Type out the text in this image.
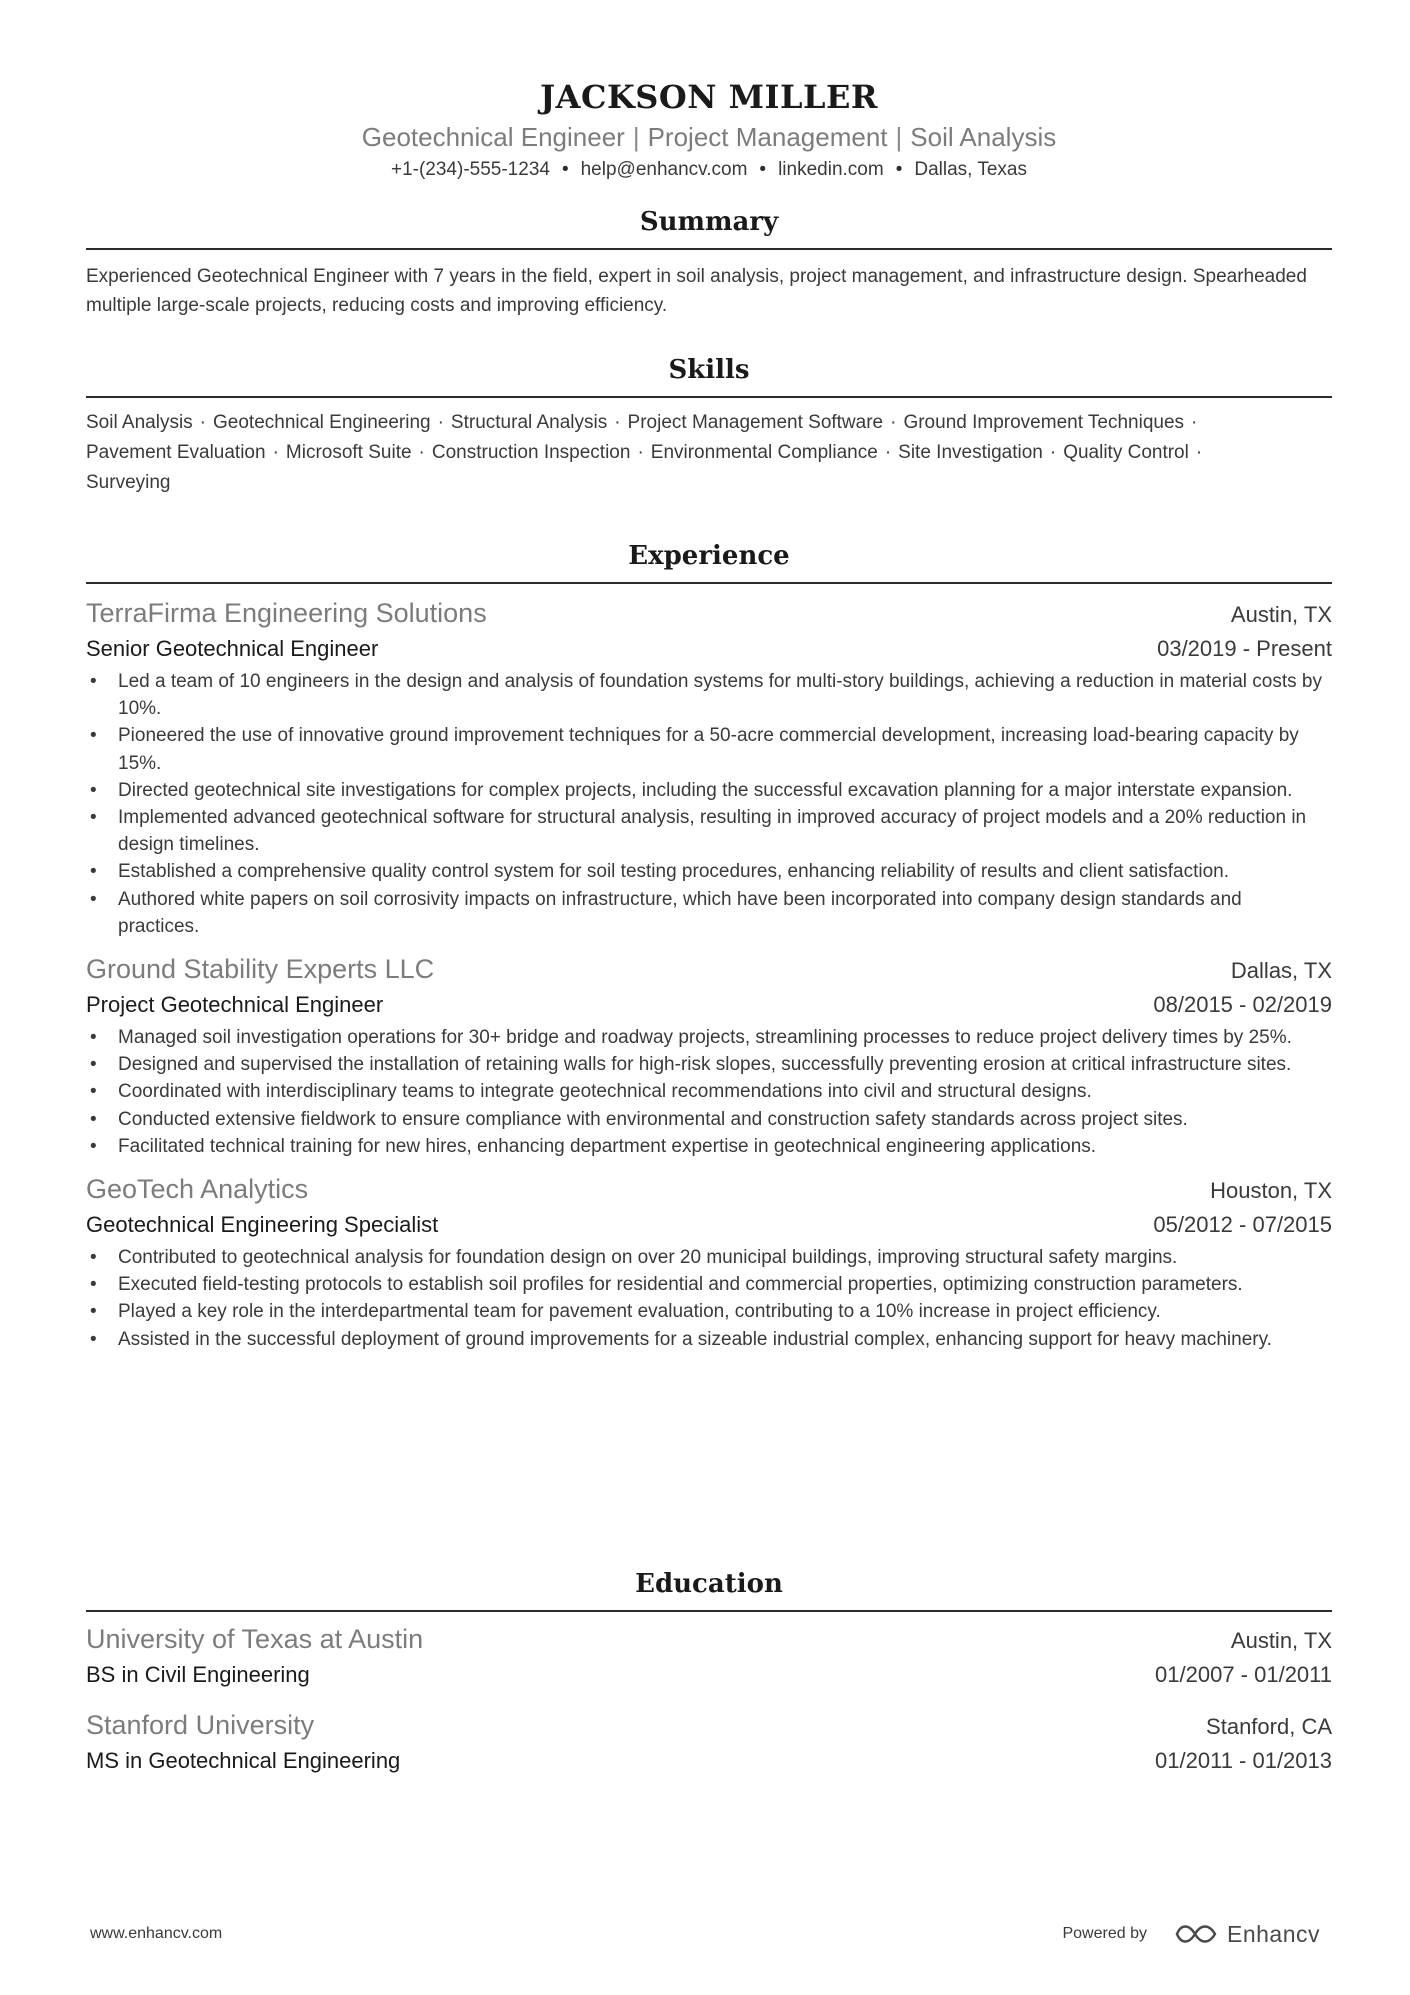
JACKSON MILLER
Geotechnical Engineer | Project Management | Soil Analysis
+1-(234)-555-1234 • help@enhancv.com • linkedin.com • Dallas, Texas
Summary
Experienced Geotechnical Engineer with 7 years in the field, expert in soil analysis, project management, and infrastructure design. Spearheaded multiple large-scale projects, reducing costs and improving efficiency.
Skills
Soil Analysis · Geotechnical Engineering · Structural Analysis · Project Management Software · Ground Improvement Techniques ·
Pavement Evaluation · Microsoft Suite · Construction Inspection · Environmental Compliance · Site Investigation · Quality Control ·
Surveying
Experience
TerraFirma Engineering Solutions	Austin, TX
Senior Geotechnical Engineer	03/2019 - Present
• Led a team of 10 engineers in the design and analysis of foundation systems for multi-story buildings, achieving a reduction in material costs by 10%.
• Pioneered the use of innovative ground improvement techniques for a 50-acre commercial development, increasing load-bearing capacity by 15%.
• Directed geotechnical site investigations for complex projects, including the successful excavation planning for a major interstate expansion.
• Implemented advanced geotechnical software for structural analysis, resulting in improved accuracy of project models and a 20% reduction in design timelines.
• Established a comprehensive quality control system for soil testing procedures, enhancing reliability of results and client satisfaction.
• Authored white papers on soil corrosivity impacts on infrastructure, which have been incorporated into company design standards and practices.
Ground Stability Experts LLC	Dallas, TX
Project Geotechnical Engineer	08/2015 - 02/2019
• Managed soil investigation operations for 30+ bridge and roadway projects, streamlining processes to reduce project delivery times by 25%.
• Designed and supervised the installation of retaining walls for high-risk slopes, successfully preventing erosion at critical infrastructure sites.
• Coordinated with interdisciplinary teams to integrate geotechnical recommendations into civil and structural designs.
• Conducted extensive fieldwork to ensure compliance with environmental and construction safety standards across project sites.
• Facilitated technical training for new hires, enhancing department expertise in geotechnical engineering applications.
GeoTech Analytics	Houston, TX
Geotechnical Engineering Specialist	05/2012 - 07/2015
• Contributed to geotechnical analysis for foundation design on over 20 municipal buildings, improving structural safety margins.
• Executed field-testing protocols to establish soil profiles for residential and commercial properties, optimizing construction parameters.
• Played a key role in the interdepartmental team for pavement evaluation, contributing to a 10% increase in project efficiency.
• Assisted in the successful deployment of ground improvements for a sizeable industrial complex, enhancing support for heavy machinery.
Education
University of Texas at Austin	Austin, TX
BS in Civil Engineering	01/2007 - 01/2011
Stanford University	Stanford, CA
MS in Geotechnical Engineering	01/2011 - 01/2013
www.enhancv.com	Powered by	Enhancv
